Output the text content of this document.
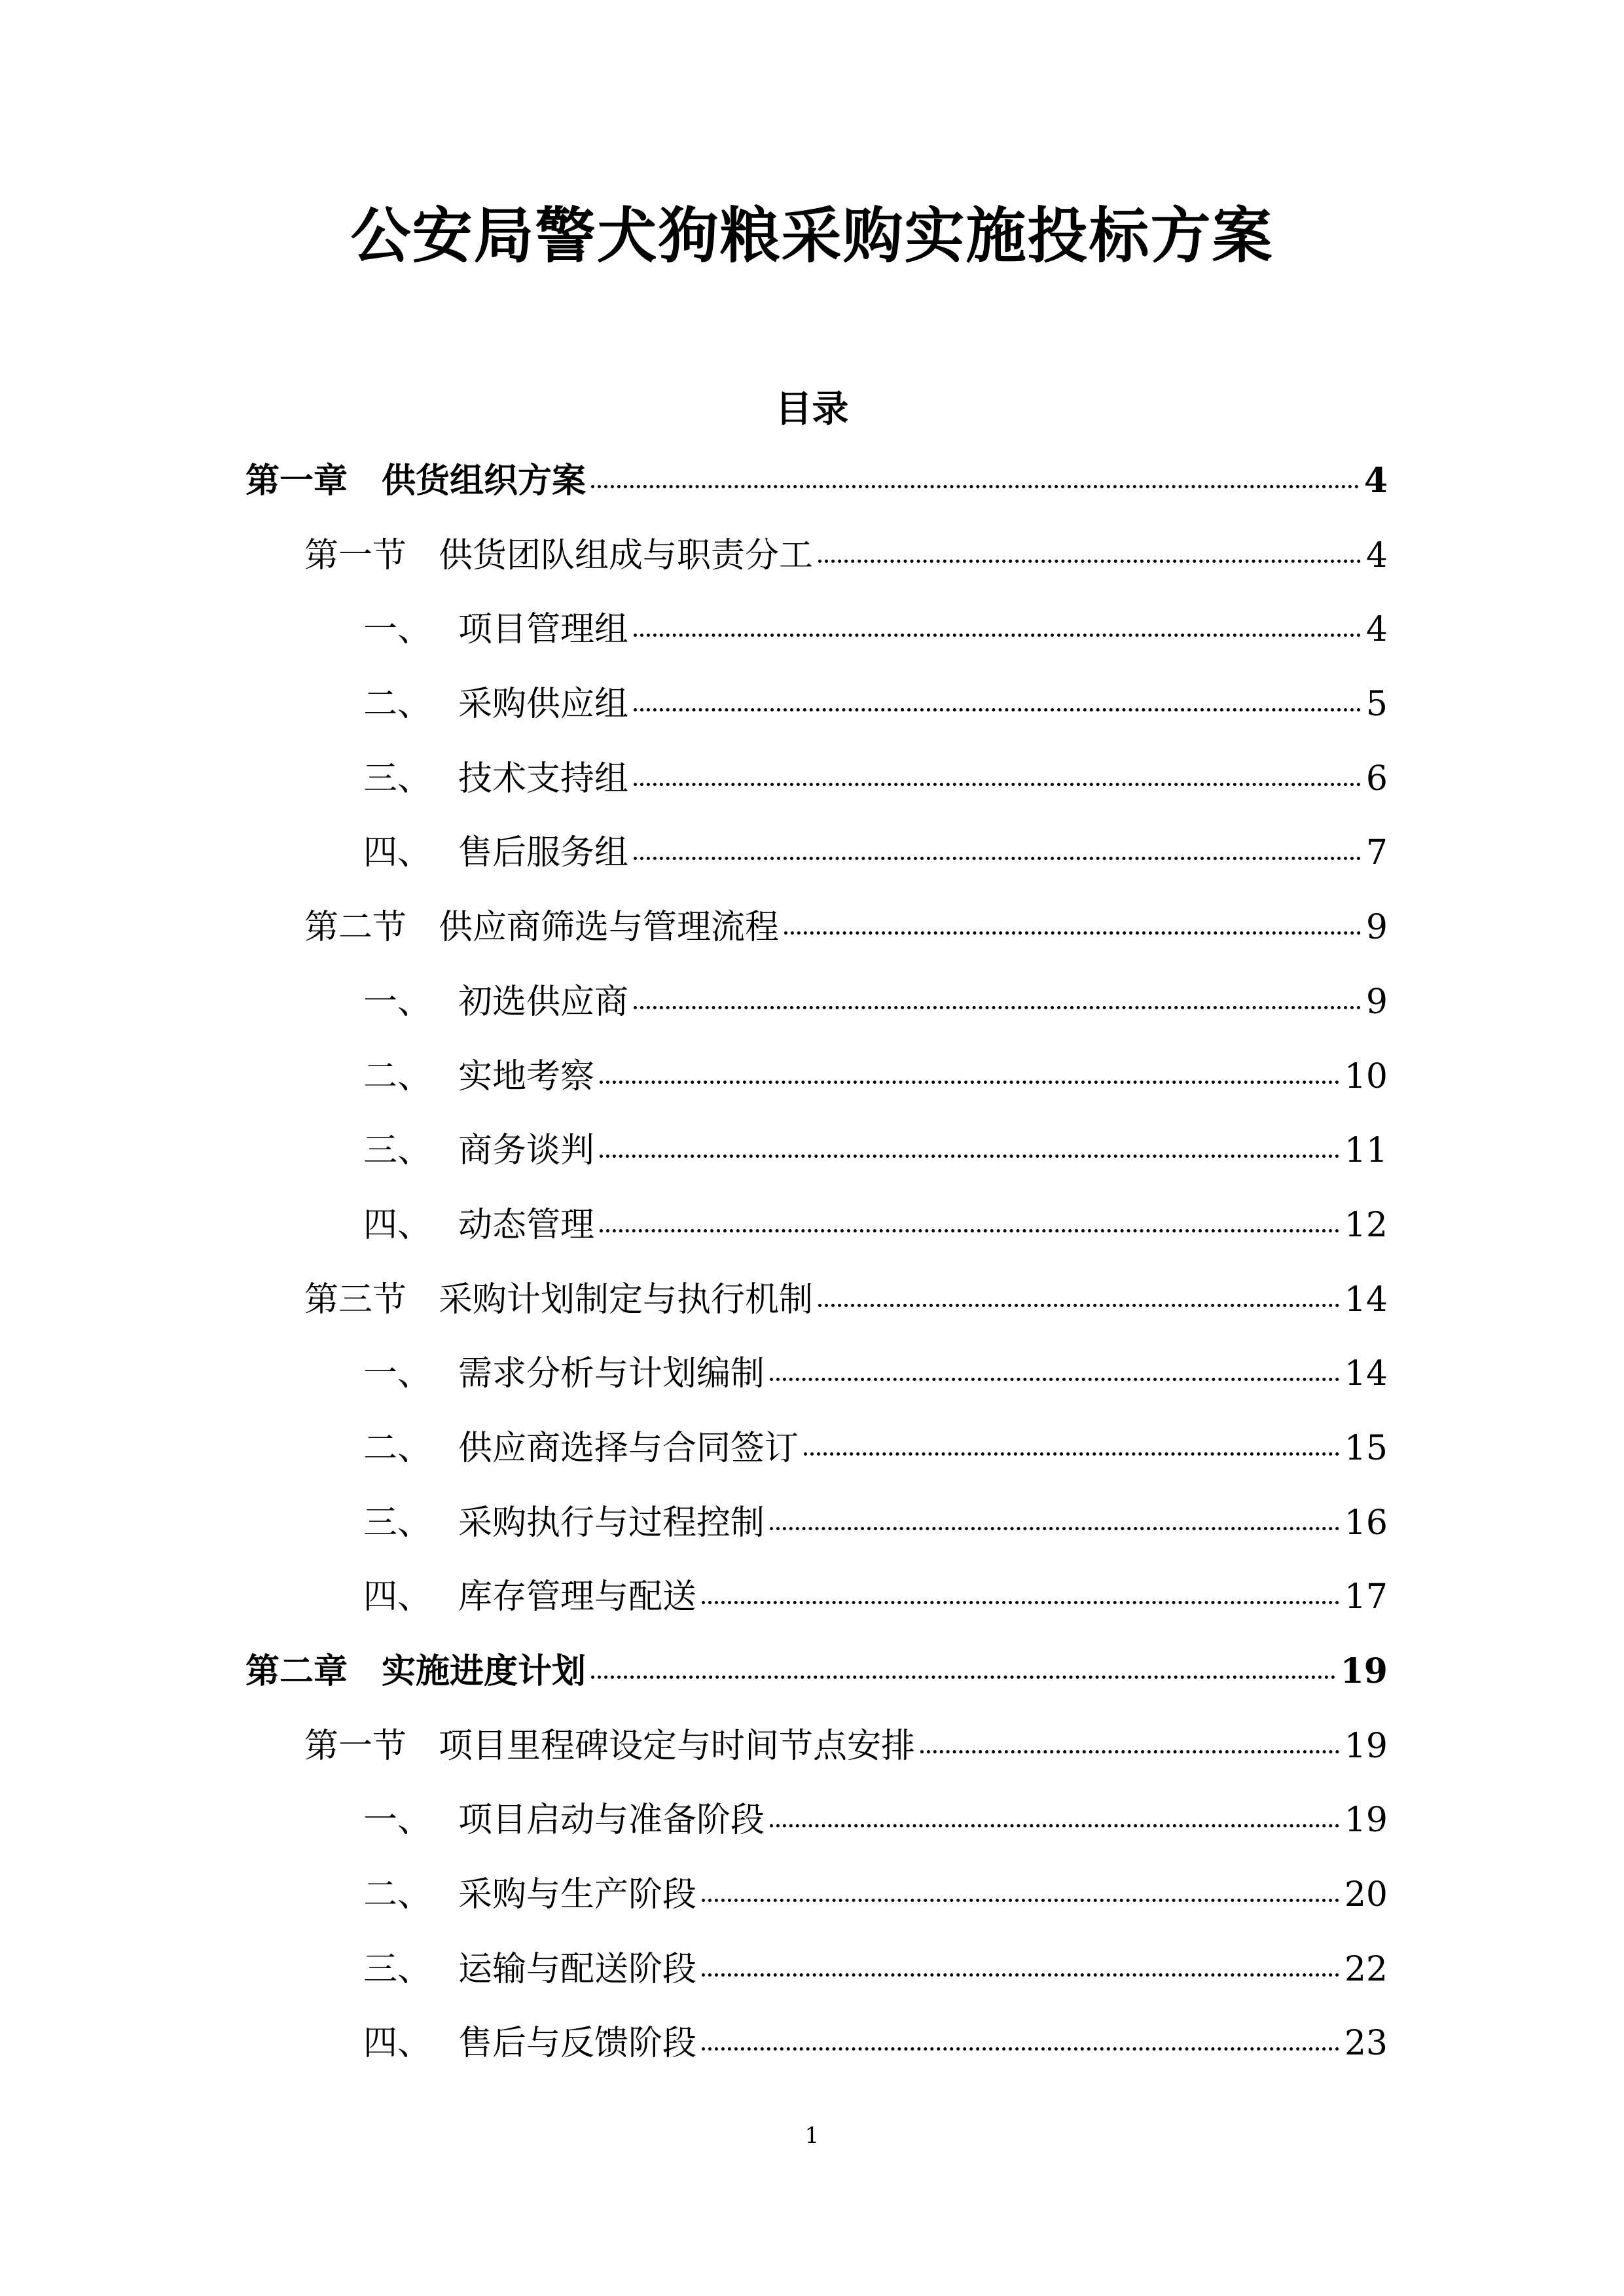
公安局警犬狗粮采购实施投标方案
目录
第一章 供货组织方案	4
第一节 供货团队组成与职责分工	4
一、 项目管理组	4
二、 采购供应组	5
三、 技术支持组	6
四、 售后服务组	7
第二节 供应商筛选与管理流程	9
一、 初选供应商	9
二、 实地考察	10
三、 商务谈判	11
四、 动态管理	12
第三节 采购计划制定与执行机制	14
一、 需求分析与计划编制	14
二、 供应商选择与合同签订	15
三、 采购执行与过程控制	16
四、 库存管理与配送	17
第二章 实施进度计划	19
第一节 项目里程碑设定与时间节点安排	19
一、 项目启动与准备阶段	19
二、 采购与生产阶段	20
三、 运输与配送阶段	22
四、 售后与反馈阶段	23
1
